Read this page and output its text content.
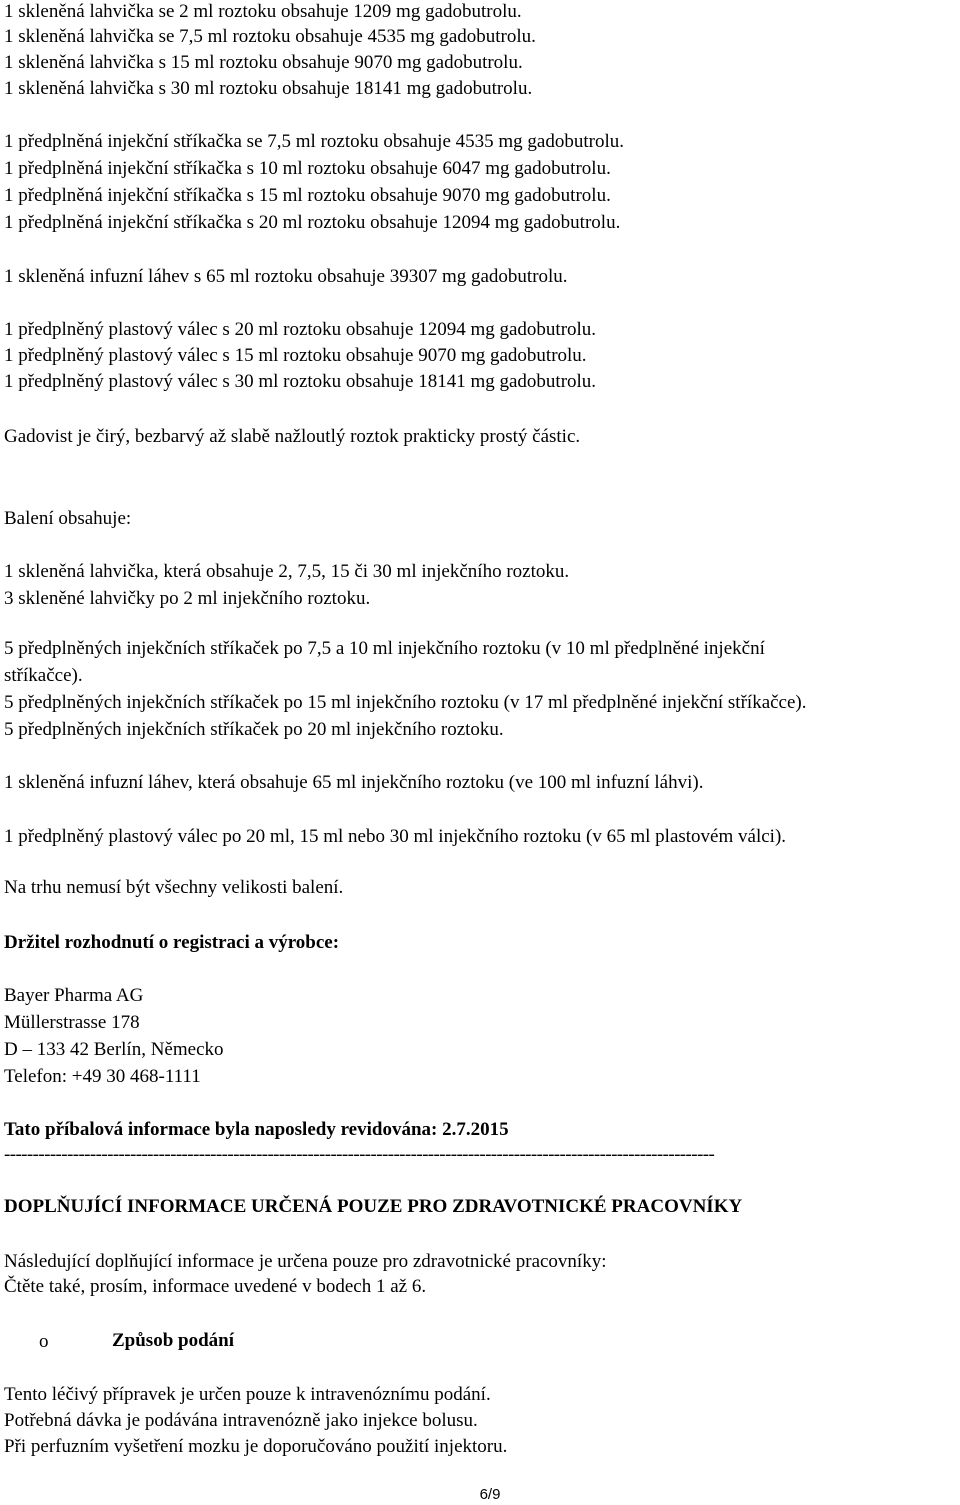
1 skleněná lahvička se 2 ml roztoku obsahuje 1209 mg gadobutrolu.
1 skleněná lahvička se 7,5 ml roztoku obsahuje 4535 mg gadobutrolu.
1 skleněná lahvička s 15 ml roztoku obsahuje 9070 mg gadobutrolu.
1 skleněná lahvička s 30 ml roztoku obsahuje 18141 mg gadobutrolu.
1 předplněná injekční stříkačka se 7,5 ml roztoku obsahuje 4535 mg gadobutrolu.
1 předplněná injekční stříkačka s 10 ml roztoku obsahuje 6047 mg gadobutrolu.
1 předplněná injekční stříkačka s 15 ml roztoku obsahuje 9070 mg gadobutrolu.
1 předplněná injekční stříkačka s 20 ml roztoku obsahuje 12094 mg gadobutrolu.
1 skleněná infuzní láhev s 65 ml roztoku obsahuje 39307 mg gadobutrolu.
1 předplněný plastový válec s 20 ml roztoku obsahuje 12094 mg gadobutrolu.
1 předplněný plastový válec s 15 ml roztoku obsahuje 9070 mg gadobutrolu.
1 předplněný plastový válec s 30 ml roztoku obsahuje 18141 mg gadobutrolu.
Gadovist je čirý, bezbarvý až slabě nažloutlý roztok prakticky prostý částic.
Balení obsahuje:
1 skleněná lahvička, která obsahuje 2, 7,5, 15 či 30 ml injekčního roztoku.
3 skleněné lahvičky po 2 ml injekčního roztoku.
5 předplněných injekčních stříkaček po 7,5 a 10 ml injekčního roztoku (v 10 ml předplněné injekční
stříkačce).
5 předplněných injekčních stříkaček po 15 ml injekčního roztoku (v 17 ml předplněné injekční stříkačce).
5 předplněných injekčních stříkaček po 20 ml injekčního roztoku.
1 skleněná infuzní láhev, která obsahuje 65 ml injekčního roztoku (ve 100 ml infuzní láhvi).
1 předplněný plastový válec po 20 ml, 15 ml nebo 30 ml injekčního roztoku (v 65 ml plastovém válci).
Na trhu nemusí být všechny velikosti balení.
Držitel rozhodnutí o registraci a výrobce:
Bayer Pharma AG
Müllerstrasse 178
D – 133 42 Berlín, Německo
Telefon: +49 30 468-1111
Tato příbalová informace byla naposledy revidována: 2.7.2015
----------------------------------------------------------------------------------------------------------------------------
DOPLŇUJÍCÍ INFORMACE URČENÁ POUZE PRO ZDRAVOTNICKÉ PRACOVNÍKY
Následující doplňující informace je určena pouze pro zdravotnické pracovníky:
Čtěte také, prosím, informace uvedené v bodech 1 až 6.
o	Způsob podání
Tento léčivý přípravek je určen pouze k intravenóznímu podání.
Potřebná dávka je podávána intravenózně jako injekce bolusu.
Při perfuzním vyšetření mozku je doporučováno použití injektoru.
6/9
